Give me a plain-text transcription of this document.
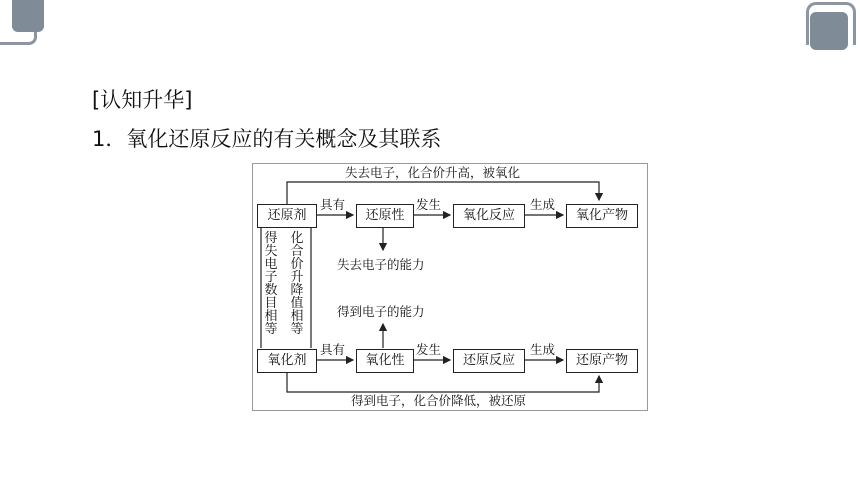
[认知升华]
1．氧化还原反应的有关概念及其联系
失去电子，化合价升高，被氧化
得到电子，化合价降低，被还原
还原剂	还原性	氧化反应	氧化产物
氧化剂	氧化性	还原反应	还原产物
具有	发生	生成
具有	发生	生成
失去电子的能力
得到电子的能力
得失电子数目相等
化合价升降值相等
